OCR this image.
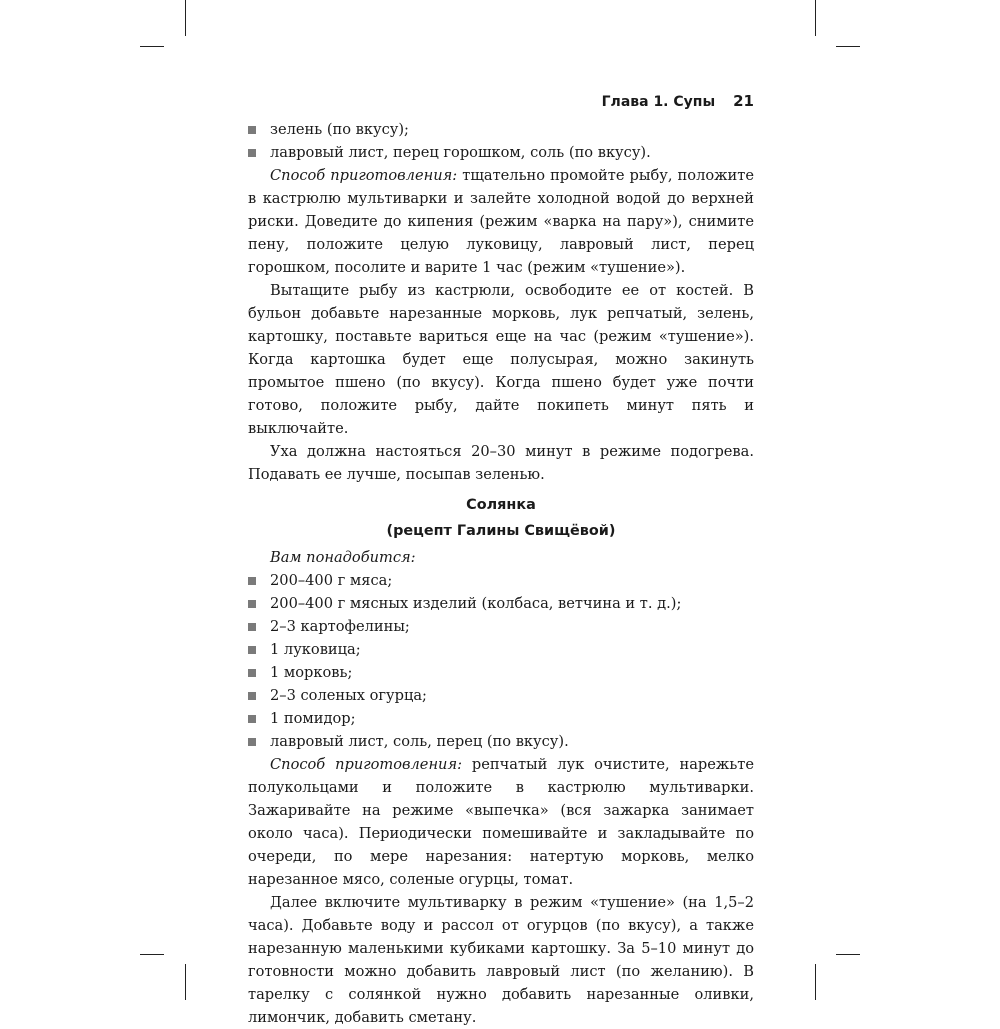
Глава 1. Супы 21
зелень (по вкусу);
лавровый лист, перец горошком, соль (по вкусу).

Способ приготовления: тщательно промойте рыбу, положите в кастрюлю мультиварки и залейте холодной водой до верхней риски. Доведите до кипения (режим «варка на пару»), снимите пену, положите целую луковицу, лавровый лист, перец горошком, посолите и варите 1 час (режим «тушение»).

Вытащите рыбу из кастрюли, освободите ее от костей. В бульон добавьте нарезанные морковь, лук репчатый, зелень, картошку, поставьте вариться еще на час (режим «тушение»). Когда картошка будет еще полусырая, можно закинуть промытое пшено (по вкусу). Когда пшено будет уже почти готово, положите рыбу, дайте покипеть минут пять и выключайте.

Уха должна настояться 20–30 минут в режиме подогрева. Подавать ее лучше, посыпав зеленью.

Солянка
(рецепт Галины Свищёвой)
Вам понадобится:
200–400 г мяса;
200–400 г мясных изделий (колбаса, ветчина и т. д.);
2–3 картофелины;
1 луковица;
1 морковь;
2–3 соленых огурца;
1 помидор;
лавровый лист, соль, перец (по вкусу).

Способ приготовления: репчатый лук очистите, нарежьте полукольцами и положите в кастрюлю мультиварки. Зажаривайте на режиме «выпечка» (вся зажарка занимает около часа). Периодически помешивайте и закладывайте по очереди, по мере нарезания: натертую морковь, мелко нарезанное мясо, соленые огурцы, томат.

Далее включите мультиварку в режим «тушение» (на 1,5–2 часа). Добавьте воду и рассол от огурцов (по вкусу), а также нарезанную маленькими кубиками картошку. За 5–10 минут до готовности можно добавить лавровый лист (по желанию). В тарелку с солянкой нужно добавить нарезанные оливки, лимончик, добавить сметану.
